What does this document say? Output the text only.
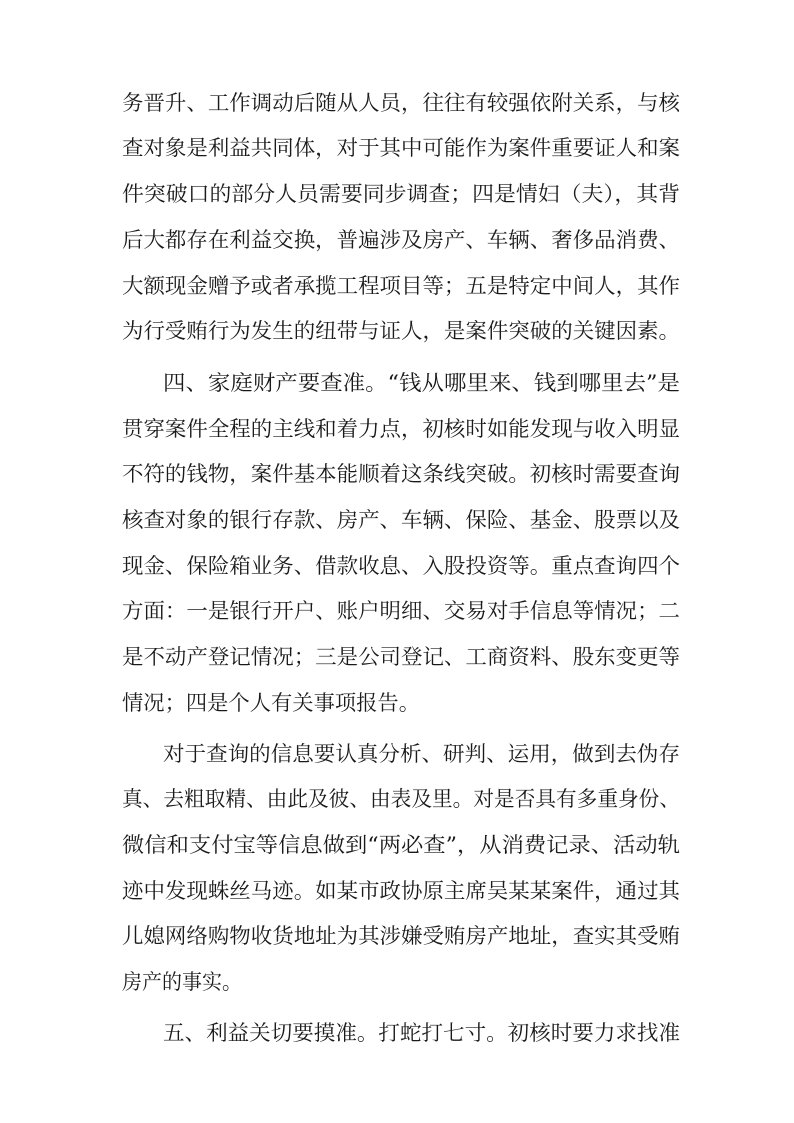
务晋升、工作调动后随从人员，往往有较强依附关系，与核
查对象是利益共同体，对于其中可能作为案件重要证人和案
件突破口的部分人员需要同步调查；四是情妇（夫），其背
后大都存在利益交换，普遍涉及房产、车辆、奢侈品消费、
大额现金赠予或者承揽工程项目等；五是特定中间人，其作
为行受贿行为发生的纽带与证人，是案件突破的关键因素。
四、家庭财产要查准。“钱从哪里来、钱到哪里去”是
贯穿案件全程的主线和着力点，初核时如能发现与收入明显
不符的钱物，案件基本能顺着这条线突破。初核时需要查询
核查对象的银行存款、房产、车辆、保险、基金、股票以及
现金、保险箱业务、借款收息、入股投资等。重点查询四个
方面：一是银行开户、账户明细、交易对手信息等情况；二
是不动产登记情况；三是公司登记、工商资料、股东变更等
情况；四是个人有关事项报告。
对于查询的信息要认真分析、研判、运用，做到去伪存
真、去粗取精、由此及彼、由表及里。对是否具有多重身份、
微信和支付宝等信息做到“两必查”，从消费记录、活动轨
迹中发现蛛丝马迹。如某市政协原主席吴某某案件，通过其
儿媳网络购物收货地址为其涉嫌受贿房产地址，查实其受贿
房产的事实。
五、利益关切要摸准。打蛇打七寸。初核时要力求找准
